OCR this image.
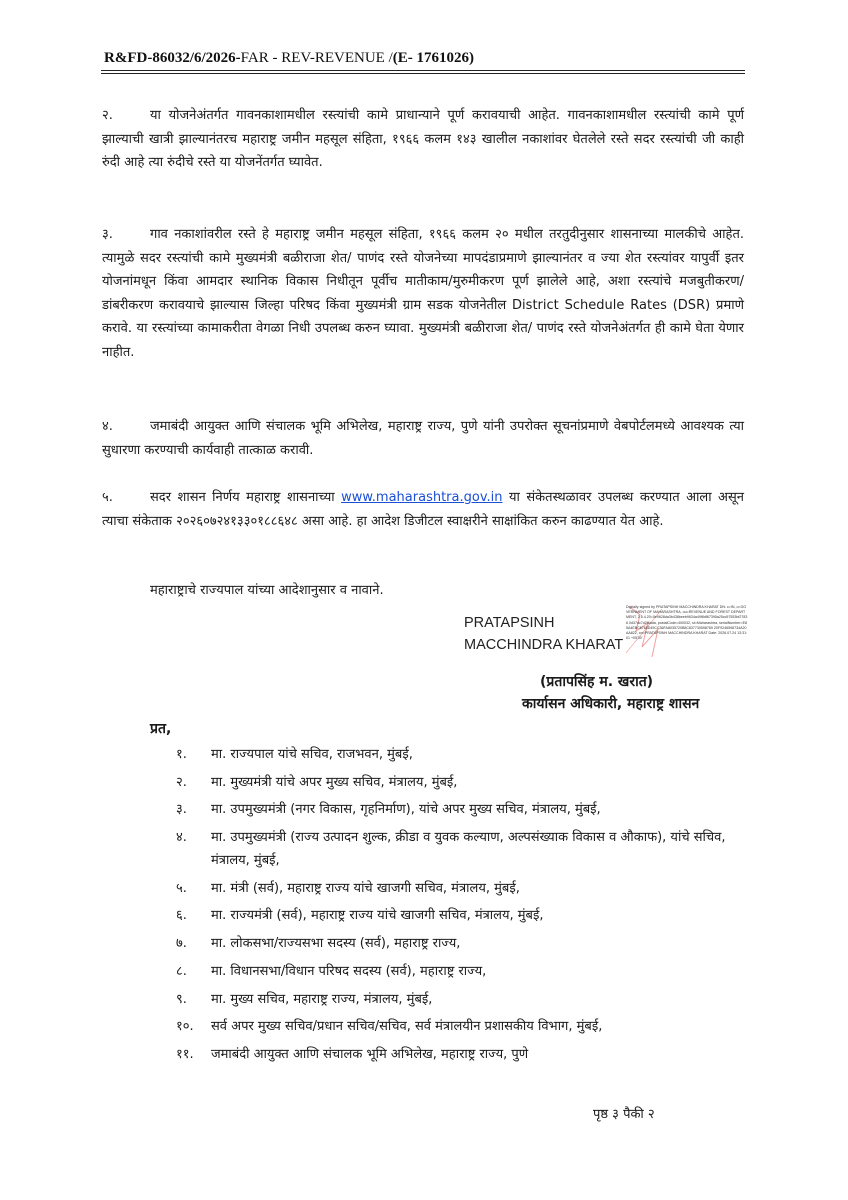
R&FD-86032/6/2026-FAR - REV-REVENUE /(E- 1761026)

२.	या योजनेअंतर्गत गावनकाशामधील रस्त्यांची कामे प्राधान्याने पूर्ण करावयाची आहेत. गावनकाशामधील रस्त्यांची कामे पूर्ण झाल्याची खात्री झाल्यानंतरच महाराष्ट्र जमीन महसूल संहिता, १९६६ कलम १४३ खालील नकाशांवर घेतलेले रस्ते सदर रस्त्यांची जी काही रुंदी आहे त्या रुंदीचे रस्ते या योजनेंतर्गत घ्यावेत.

३.	गाव नकाशांवरील रस्ते हे महाराष्ट्र जमीन महसूल संहिता, १९६६ कलम २० मधील तरतुदीनुसार शासनाच्या मालकीचे आहेत. त्यामुळे सदर रस्त्यांची कामे मुख्यमंत्री बळीराजा शेत/ पाणंद रस्ते योजनेच्या मापदंडाप्रमाणे झाल्यानंतर व ज्या शेत रस्त्यांवर यापुर्वी इतर योजनांमधून किंवा आमदार स्थानिक विकास निधीतून पूर्वीच मातीकाम/मुरुमीकरण पूर्ण झालेले आहे, अशा रस्त्यांचे मजबुतीकरण/डांबरीकरण करावयाचे झाल्यास जिल्हा परिषद किंवा मुख्यमंत्री ग्राम सडक योजनेतील District Schedule Rates (DSR) प्रमाणे करावे. या रस्त्यांच्या कामाकरीता वेगळा निधी उपलब्ध करुन घ्यावा. मुख्यमंत्री बळीराजा शेत/ पाणंद रस्ते योजनेअंतर्गत ही कामे घेता येणार नाहीत.

४.	जमाबंदी आयुक्त आणि संचालक भूमि अभिलेख, महाराष्ट्र राज्य, पुणे यांनी उपरोक्त सूचनांप्रमाणे वेबपोर्टलमध्ये आवश्यक त्या सुधारणा करण्याची कार्यवाही तात्काळ करावी.

५.	सदर शासन निर्णय महाराष्ट्र शासनाच्या www.maharashtra.gov.in या संकेतस्थळावर उपलब्ध करण्यात आला असून त्याचा संकेताक २०२६०७२४१३३०१८८६४८ असा आहे. हा आदेश डिजीटल स्वाक्षरीने साक्षांकित करुन काढण्यात येत आहे.

महाराष्ट्राचे राज्यपाल यांच्या आदेशानुसार व नावाने.
PRATAPSINH
MACCHINDRA KHARAT
Digitally signed by PRATAPSINH MACCHINDRA KHARAT DN: c=IN, o=GOVERNMENT OF MAHARASHTRA, ou=REVENUE AND FOREST DEPARTMENT, 2.5.4.20=0e9628da3b438beeb9634a49f8df67395a25cc57553bf27836 0d37dc7d2f6ada, postalCode=400032, st=Maharashtra, serialNumber=E85A4EBC6765D49CC36FA8035720B8C837730598769 20F9246598734A20AA822, cn=PRATAPSINH MACCHINDRA KHARAT Date: 2026.07.24 13:31:01 +05'30'
(प्रतापसिंह म. खरात)
कार्यासन अधिकारी, महाराष्ट्र शासन
प्रत,
१.	मा. राज्यपाल यांचे सचिव, राजभवन, मुंबई,
२.	मा. मुख्यमंत्री यांचे अपर मुख्य सचिव, मंत्रालय, मुंबई,
३.	मा. उपमुख्यमंत्री (नगर विकास, गृहनिर्माण), यांचे अपर मुख्य सचिव, मंत्रालय, मुंबई,
४.	मा. उपमुख्यमंत्री (राज्य उत्पादन शुल्क, क्रीडा व युवक कल्याण, अल्पसंख्याक विकास व औकाफ), यांचे सचिव, मंत्रालय, मुंबई,
५.	मा. मंत्री (सर्व), महाराष्ट्र राज्य यांचे खाजगी सचिव, मंत्रालय, मुंबई,
६.	मा. राज्यमंत्री (सर्व), महाराष्ट्र राज्य यांचे खाजगी सचिव, मंत्रालय, मुंबई,
७.	मा. लोकसभा/राज्यसभा सदस्य (सर्व), महाराष्ट्र राज्य,
८.	मा. विधानसभा/विधान परिषद सदस्य (सर्व), महाराष्ट्र राज्य,
९.	मा. मुख्य सचिव, महाराष्ट्र राज्य, मंत्रालय, मुंबई,
१०.	सर्व अपर मुख्य सचिव/प्रधान सचिव/सचिव, सर्व मंत्रालयीन प्रशासकीय विभाग, मुंबई,
११.	जमाबंदी आयुक्त आणि संचालक भूमि अभिलेख, महाराष्ट्र राज्य, पुणे
पृष्ठ ३ पैकी २
